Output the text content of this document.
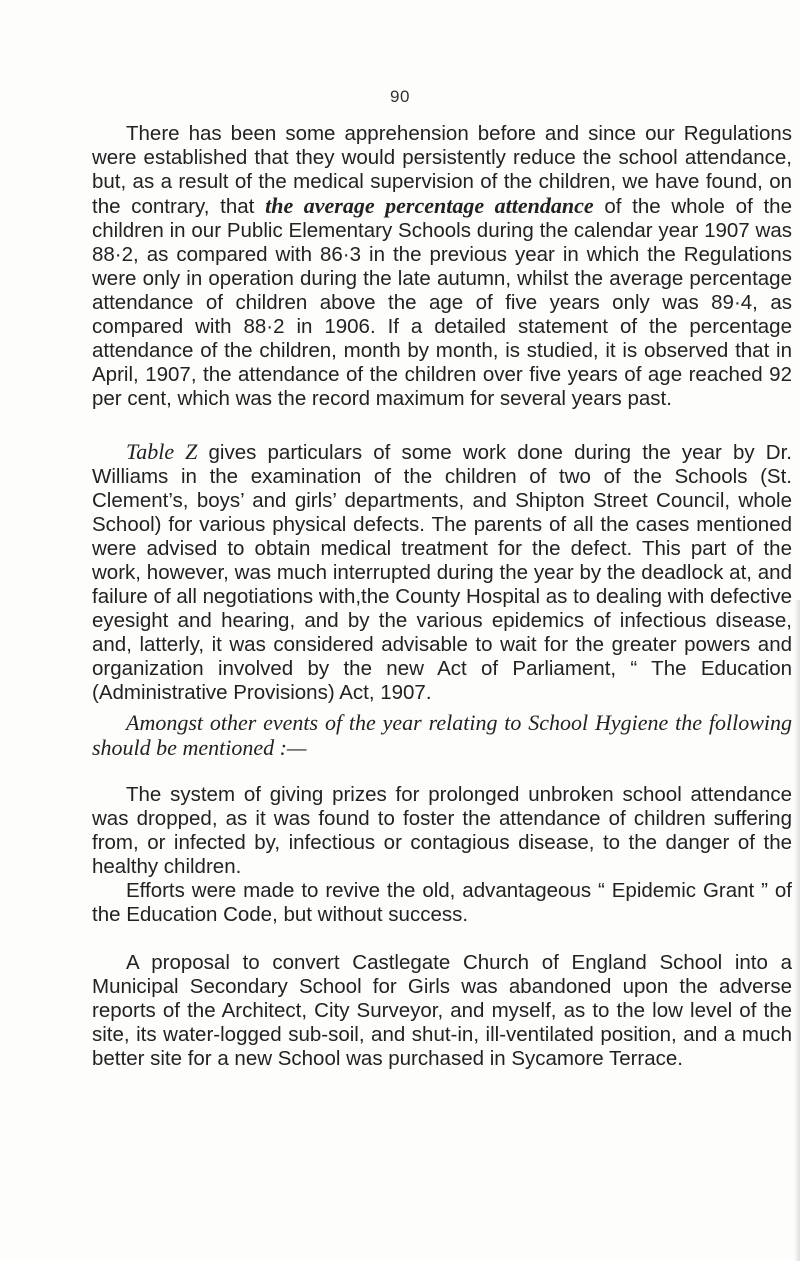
90

There has been some apprehension before and since our Regulations were established that they would persistently reduce the school attendance, but, as a result of the medical supervision of the children, we have found, on the contrary, that the average percentage attendance of the whole of the children in our Public Elementary Schools during the calendar year 1907 was 88·2, as compared with 86·3 in the previous year in which the Regulations were only in operation during the late autumn, whilst the average percentage attendance of children above the age of five years only was 89·4, as compared with 88·2 in 1906. If a detailed statement of the percentage attendance of the children, month by month, is studied, it is observed that in April, 1907, the attendance of the children over five years of age reached 92 per cent, which was the record maximum for several years past.

Table Z gives particulars of some work done during the year by Dr. Williams in the examination of the children of two of the Schools (St. Clement’s, boys’ and girls’ departments, and Shipton Street Council, whole School) for various physical defects. The parents of all the cases mentioned were advised to obtain medical treatment for the defect. This part of the work, however, was much interrupted during the year by the deadlock at, and failure of all negotiations with,the County Hospital as to dealing with defective eyesight and hearing, and by the various epidemics of infectious disease, and, latterly, it was considered advisable to wait for the greater powers and organization involved by the new Act of Parliament, “ The Education (Administrative Provisions) Act, 1907.

Amongst other events of the year relating to School Hygiene the following should be mentioned :—

The system of giving prizes for prolonged unbroken school attendance was dropped, as it was found to foster the attendance of children suffering from, or infected by, infectious or contagious disease, to the danger of the healthy children.

Efforts were made to revive the old, advantageous “ Epidemic Grant ” of the Education Code, but without success.

A proposal to convert Castlegate Church of England School into a Municipal Secondary School for Girls was abandoned upon the adverse reports of the Architect, City Surveyor, and myself, as to the low level of the site, its water-logged sub-soil, and shut-in, ill-ventilated position, and a much better site for a new School was purchased in Sycamore Terrace.
